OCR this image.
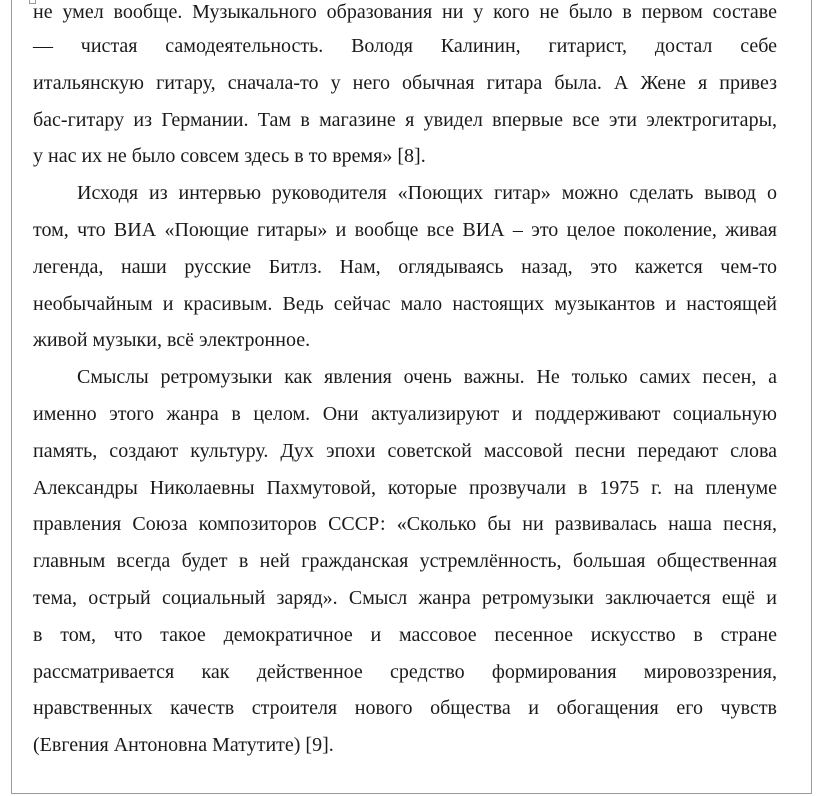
не умел вообще. Музыкального образования ни у кого не было в первом составе
— чистая самодеятельность. Володя Калинин, гитарист, достал себе
итальянскую гитару, сначала-то у него обычная гитара была. А Жене я привез
бас-гитару из Германии. Там в магазине я увидел впервые все эти электрогитары,
у нас их не было совсем здесь в то время» [8].
Исходя из интервью руководителя «Поющих гитар» можно сделать вывод о
том, что ВИА «Поющие гитары» и вообще все ВИА – это целое поколение, живая
легенда, наши русские Битлз. Нам, оглядываясь назад, это кажется чем-то
необычайным и красивым. Ведь сейчас мало настоящих музыкантов и настоящей
живой музыки, всё электронное.
Смыслы ретромузыки как явления очень важны. Не только самих песен, а
именно этого жанра в целом. Они актуализируют и поддерживают социальную
память, создают культуру. Дух эпохи советской массовой песни передают слова
Александры Николаевны Пахмутовой, которые прозвучали в 1975 г. на пленуме
правления Союза композиторов СССР: «Сколько бы ни развивалась наша песня,
главным всегда будет в ней гражданская устремлённость, большая общественная
тема, острый социальный заряд». Смысл жанра ретромузыки заключается ещё и
в том, что такое демократичное и массовое песенное искусство в стране
рассматривается как действенное средство формирования мировоззрения,
нравственных качеств строителя нового общества и обогащения его чувств
(Евгения Антоновна Матутите) [9].
